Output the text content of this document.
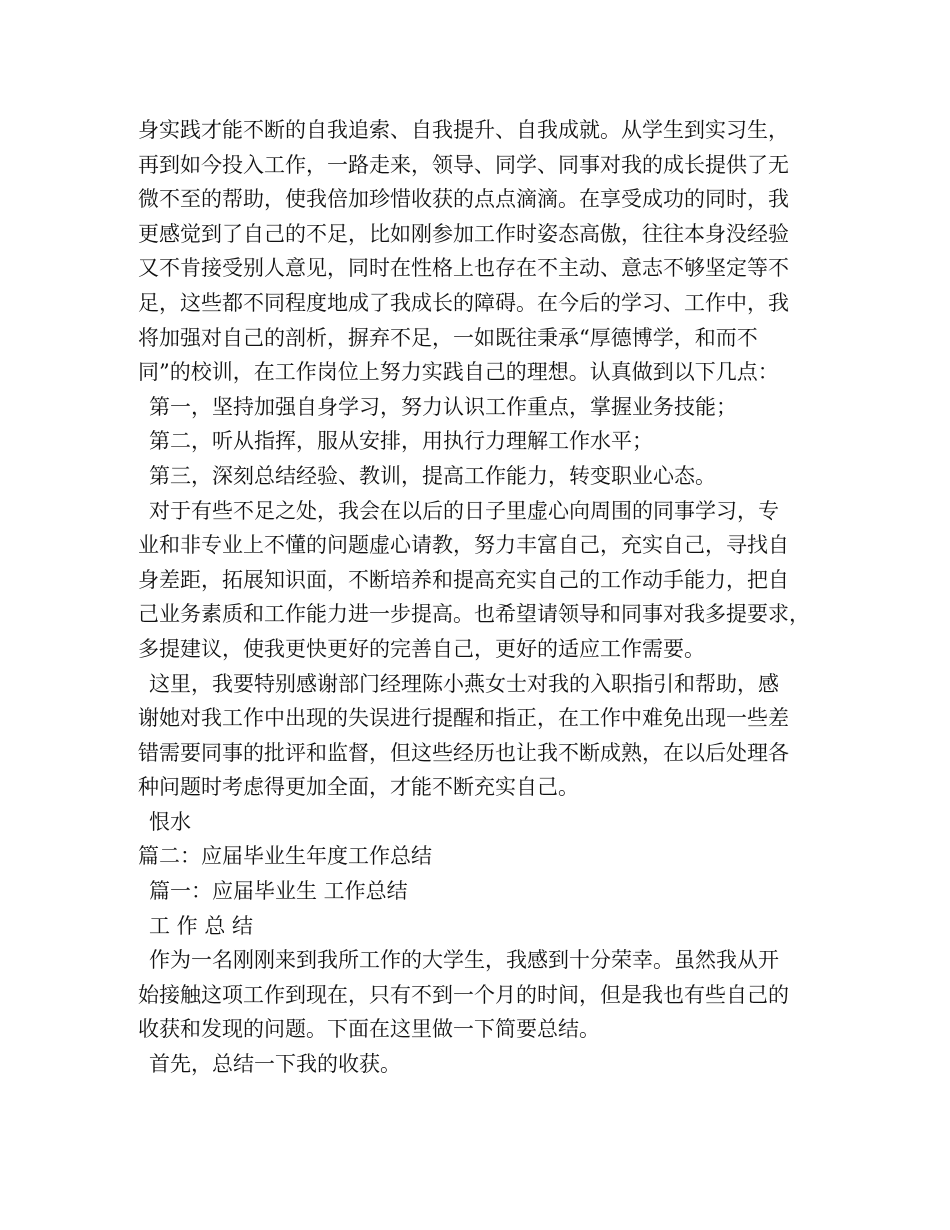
身实践才能不断的自我追索、自我提升、自我成就。从学生到实习生，
再到如今投入工作，一路走来，领导、同学、同事对我的成长提供了无
微不至的帮助，使我倍加珍惜收获的点点滴滴。在享受成功的同时，我
更感觉到了自己的不足，比如刚参加工作时姿态高傲，往往本身没经验
又不肯接受别人意见，同时在性格上也存在不主动、意志不够坚定等不
足，这些都不同程度地成了我成长的障碍。在今后的学习、工作中，我
将加强对自己的剖析，摒弃不足，一如既往秉承“厚德博学，和而不
同”的校训，在工作岗位上努力实践自己的理想。认真做到以下几点：
第一，坚持加强自身学习，努力认识工作重点，掌握业务技能；
第二，听从指挥，服从安排，用执行力理解工作水平；
第三，深刻总结经验、教训，提高工作能力，转变职业心态。
对于有些不足之处，我会在以后的日子里虚心向周围的同事学习，专
业和非专业上不懂的问题虚心请教，努力丰富自己，充实自己，寻找自
身差距，拓展知识面，不断培养和提高充实自己的工作动手能力，把自
己业务素质和工作能力进一步提高。也希望请领导和同事对我多提要求，
多提建议，使我更快更好的完善自己，更好的适应工作需要。
这里，我要特别感谢部门经理陈小燕女士对我的入职指引和帮助，感
谢她对我工作中出现的失误进行提醒和指正，在工作中难免出现一些差
错需要同事的批评和监督，但这些经历也让我不断成熟，在以后处理各
种问题时考虑得更加全面，才能不断充实自己。
恨水
篇二：应届毕业生年度工作总结
篇一：应届毕业生 工作总结
工 作 总 结
作为一名刚刚来到我所工作的大学生，我感到十分荣幸。虽然我从开
始接触这项工作到现在，只有不到一个月的时间，但是我也有些自己的
收获和发现的问题。下面在这里做一下简要总结。
首先，总结一下我的收获。
